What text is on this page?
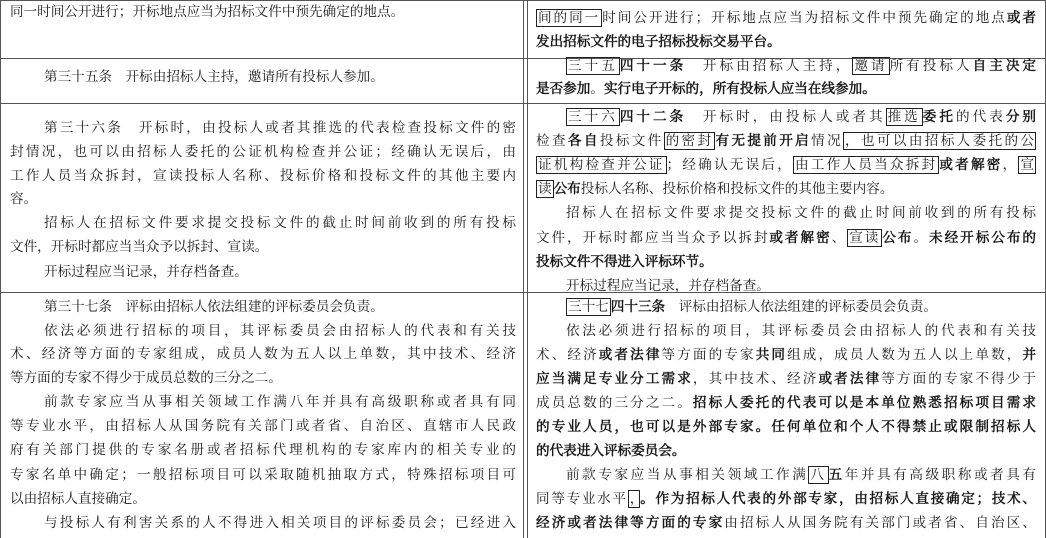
同一时间公开进行；开标地点应当为招标文件中预先确定的地点。
第三十五条　开标由招标人主持，邀请所有投标人参加。
第三十六条　开标时，由投标人或者其推选的代表检查投标文件的密
封情况，也可以由招标人委托的公证机构检查并公证；经确认无误后，由
工作人员当众拆封，宣读投标人名称、投标价格和投标文件的其他主要内
容。
招标人在招标文件要求提交投标文件的截止时间前收到的所有投标
文件，开标时都应当当众予以拆封、宣读。
开标过程应当记录，并存档备查。
第三十七条　评标由招标人依法组建的评标委员会负责。
依法必须进行招标的项目，其评标委员会由招标人的代表和有关技
术、经济等方面的专家组成，成员人数为五人以上单数，其中技术、经济
等方面的专家不得少于成员总数的三分之二。
前款专家应当从事相关领域工作满八年并具有高级职称或者具有同
等专业水平，由招标人从国务院有关部门或者省、自治区、直辖市人民政
府有关部门提供的专家名册或者招标代理机构的专家库内的相关专业的
专家名单中确定；一般招标项目可以采取随机抽取方式，特殊招标项目可
以由招标人直接确定。
与投标人有利害关系的人不得进入相关项目的评标委员会；已经进入
间的同一 时间公开进行；开标地点应当为招标文件中预先确定的地点或者
发出招标文件的电子招标投标交易平台。
三十五 四十一条　开标由招标人主持， 邀请 所有投标人自主决定
是否参加。实行电子开标的，所有投标人应当在线参加。
三十六 四十二条　开标时，由投标人或者其 推选 委托的代表分别
检查各自投标文件 的密封 有无提前开启情况 ，也可以由招标人委托的公
证机构检查并公证 ；经确认无误后， 由工作人员当众拆封 或者解密， 宣
读 公布投标人名称、投标价格和投标文件的其他主要内容。
招标人在招标文件要求提交投标文件的截止时间前收到的所有投标
文件，开标时都应当当众予以拆封或者解密、 宣读 公布。未经开标公布的
投标文件不得进入评标环节。
开标过程应当记录，并存档备查。
三十七 四十三条　评标由招标人依法组建的评标委员会负责。
依法必须进行招标的项目，其评标委员会由招标人的代表和有关技
术、经济或者法律等方面的专家共同组成，成员人数为五人以上单数，并
应当满足专业分工需求，其中技术、经济或者法律等方面的专家不得少于
成员总数的三分之二。招标人委托的代表可以是本单位熟悉招标项目需求
的专业人员，也可以是外部专家。任何单位和个人不得禁止或限制招标人
的代表进入评标委员会。
前款专家应当从事相关领域工作满 八 五年并具有高级职称或者具有
同等专业水平 ， 。作为招标人代表的外部专家，由招标人直接确定；技术、
经济或者法律等方面的专家由招标人从国务院有关部门或者省、自治区、
